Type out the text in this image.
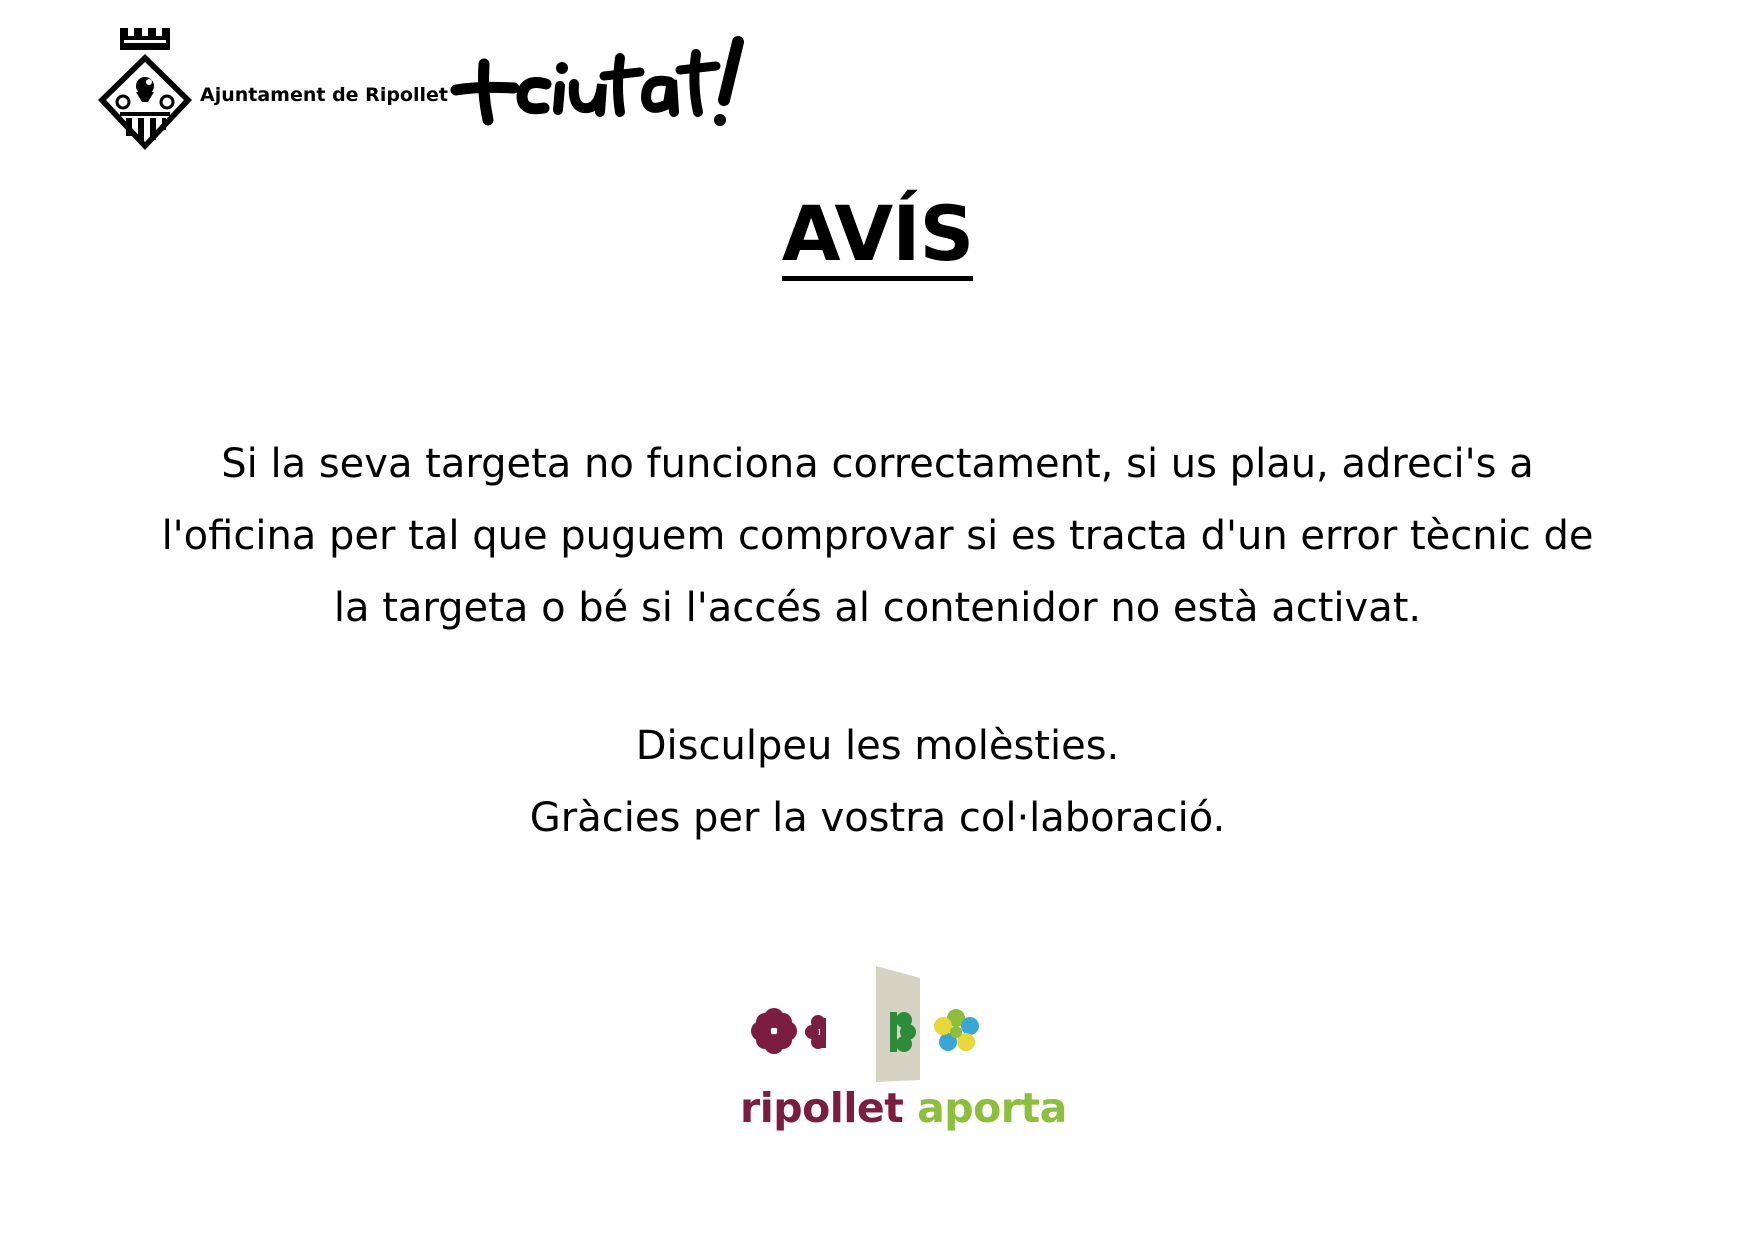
Ajuntament de Ripollet
AVÍS

Si la seva targeta no funciona correctament, si us plau, adreci's a l'oficina per tal que puguem comprovar si es tracta d'un error tècnic de la targeta o bé si l'accés al contenidor no està activat.

Disculpeu les molèsties.
Gràcies per la vostra col·laboració.
ripollet aporta
